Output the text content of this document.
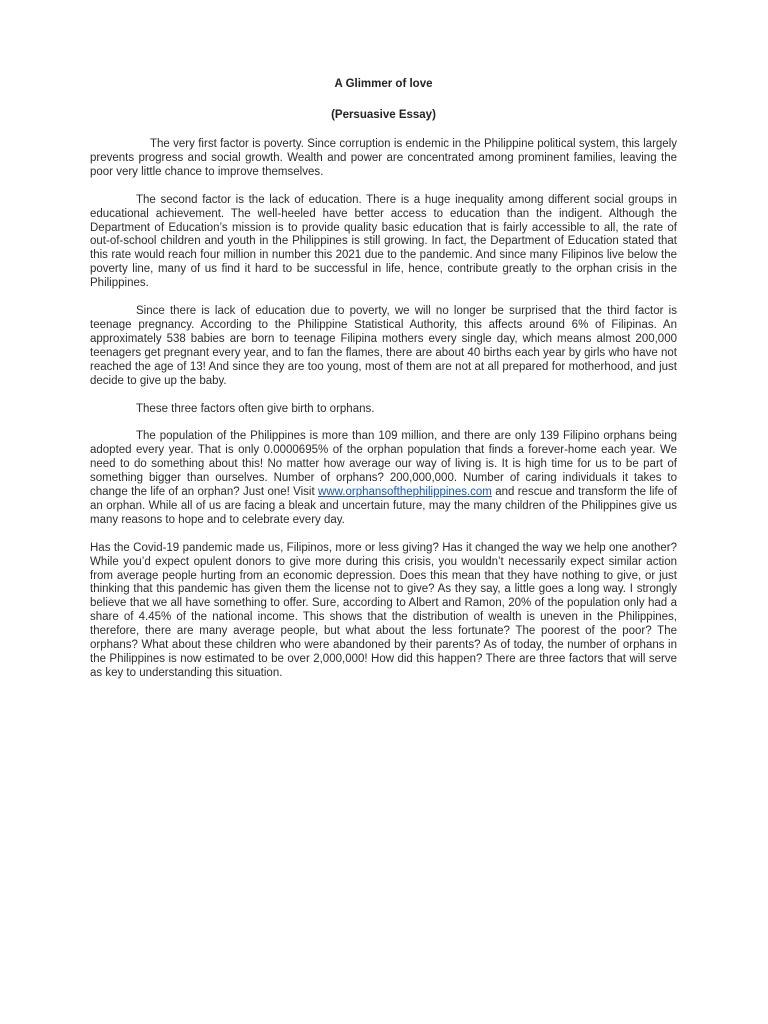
A Glimmer of love

(Persuasive Essay)

The very first factor is poverty. Since corruption is endemic in the Philippine political system, this largely prevents progress and social growth. Wealth and power are concentrated among prominent families, leaving the poor very little chance to improve themselves.

The second factor is the lack of education. There is a huge inequality among different social groups in educational achievement. The well-heeled have better access to education than the indigent. Although the Department of Education’s mission is to provide quality basic education that is fairly accessible to all, the rate of out-of-school children and youth in the Philippines is still growing. In fact, the Department of Education stated that this rate would reach four million in number this 2021 due to the pandemic. And since many Filipinos live below the poverty line, many of us find it hard to be successful in life, hence, contribute greatly to the orphan crisis in the Philippines.

Since there is lack of education due to poverty, we will no longer be surprised that the third factor is teenage pregnancy. According to the Philippine Statistical Authority, this affects around 6% of Filipinas. An approximately 538 babies are born to teenage Filipina mothers every single day, which means almost 200,000 teenagers get pregnant every year, and to fan the flames, there are about 40 births each year by girls who have not reached the age of 13! And since they are too young, most of them are not at all prepared for motherhood, and just decide to give up the baby.

These three factors often give birth to orphans.

The population of the Philippines is more than 109 million, and there are only 139 Filipino orphans being adopted every year. That is only 0.0000695% of the orphan population that finds a forever-home each year. We need to do something about this! No matter how average our way of living is. It is high time for us to be part of something bigger than ourselves. Number of orphans? 200,000,000. Number of caring individuals it takes to change the life of an orphan? Just one! Visit www.orphansofthephilippines.com and rescue and transform the life of an orphan. While all of us are facing a bleak and uncertain future, may the many children of the Philippines give us many reasons to hope and to celebrate every day.

Has the Covid-19 pandemic made us, Filipinos, more or less giving? Has it changed the way we help one another? While you’d expect opulent donors to give more during this crisis, you wouldn’t necessarily expect similar action from average people hurting from an economic depression. Does this mean that they have nothing to give, or just thinking that this pandemic has given them the license not to give? As they say, a little goes a long way. I strongly believe that we all have something to offer. Sure, according to Albert and Ramon, 20% of the population only had a share of 4.45% of the national income. This shows that the distribution of wealth is uneven in the Philippines, therefore, there are many average people, but what about the less fortunate? The poorest of the poor? The orphans? What about these children who were abandoned by their parents? As of today, the number of orphans in the Philippines is now estimated to be over 2,000,000! How did this happen? There are three factors that will serve as key to understanding this situation.
